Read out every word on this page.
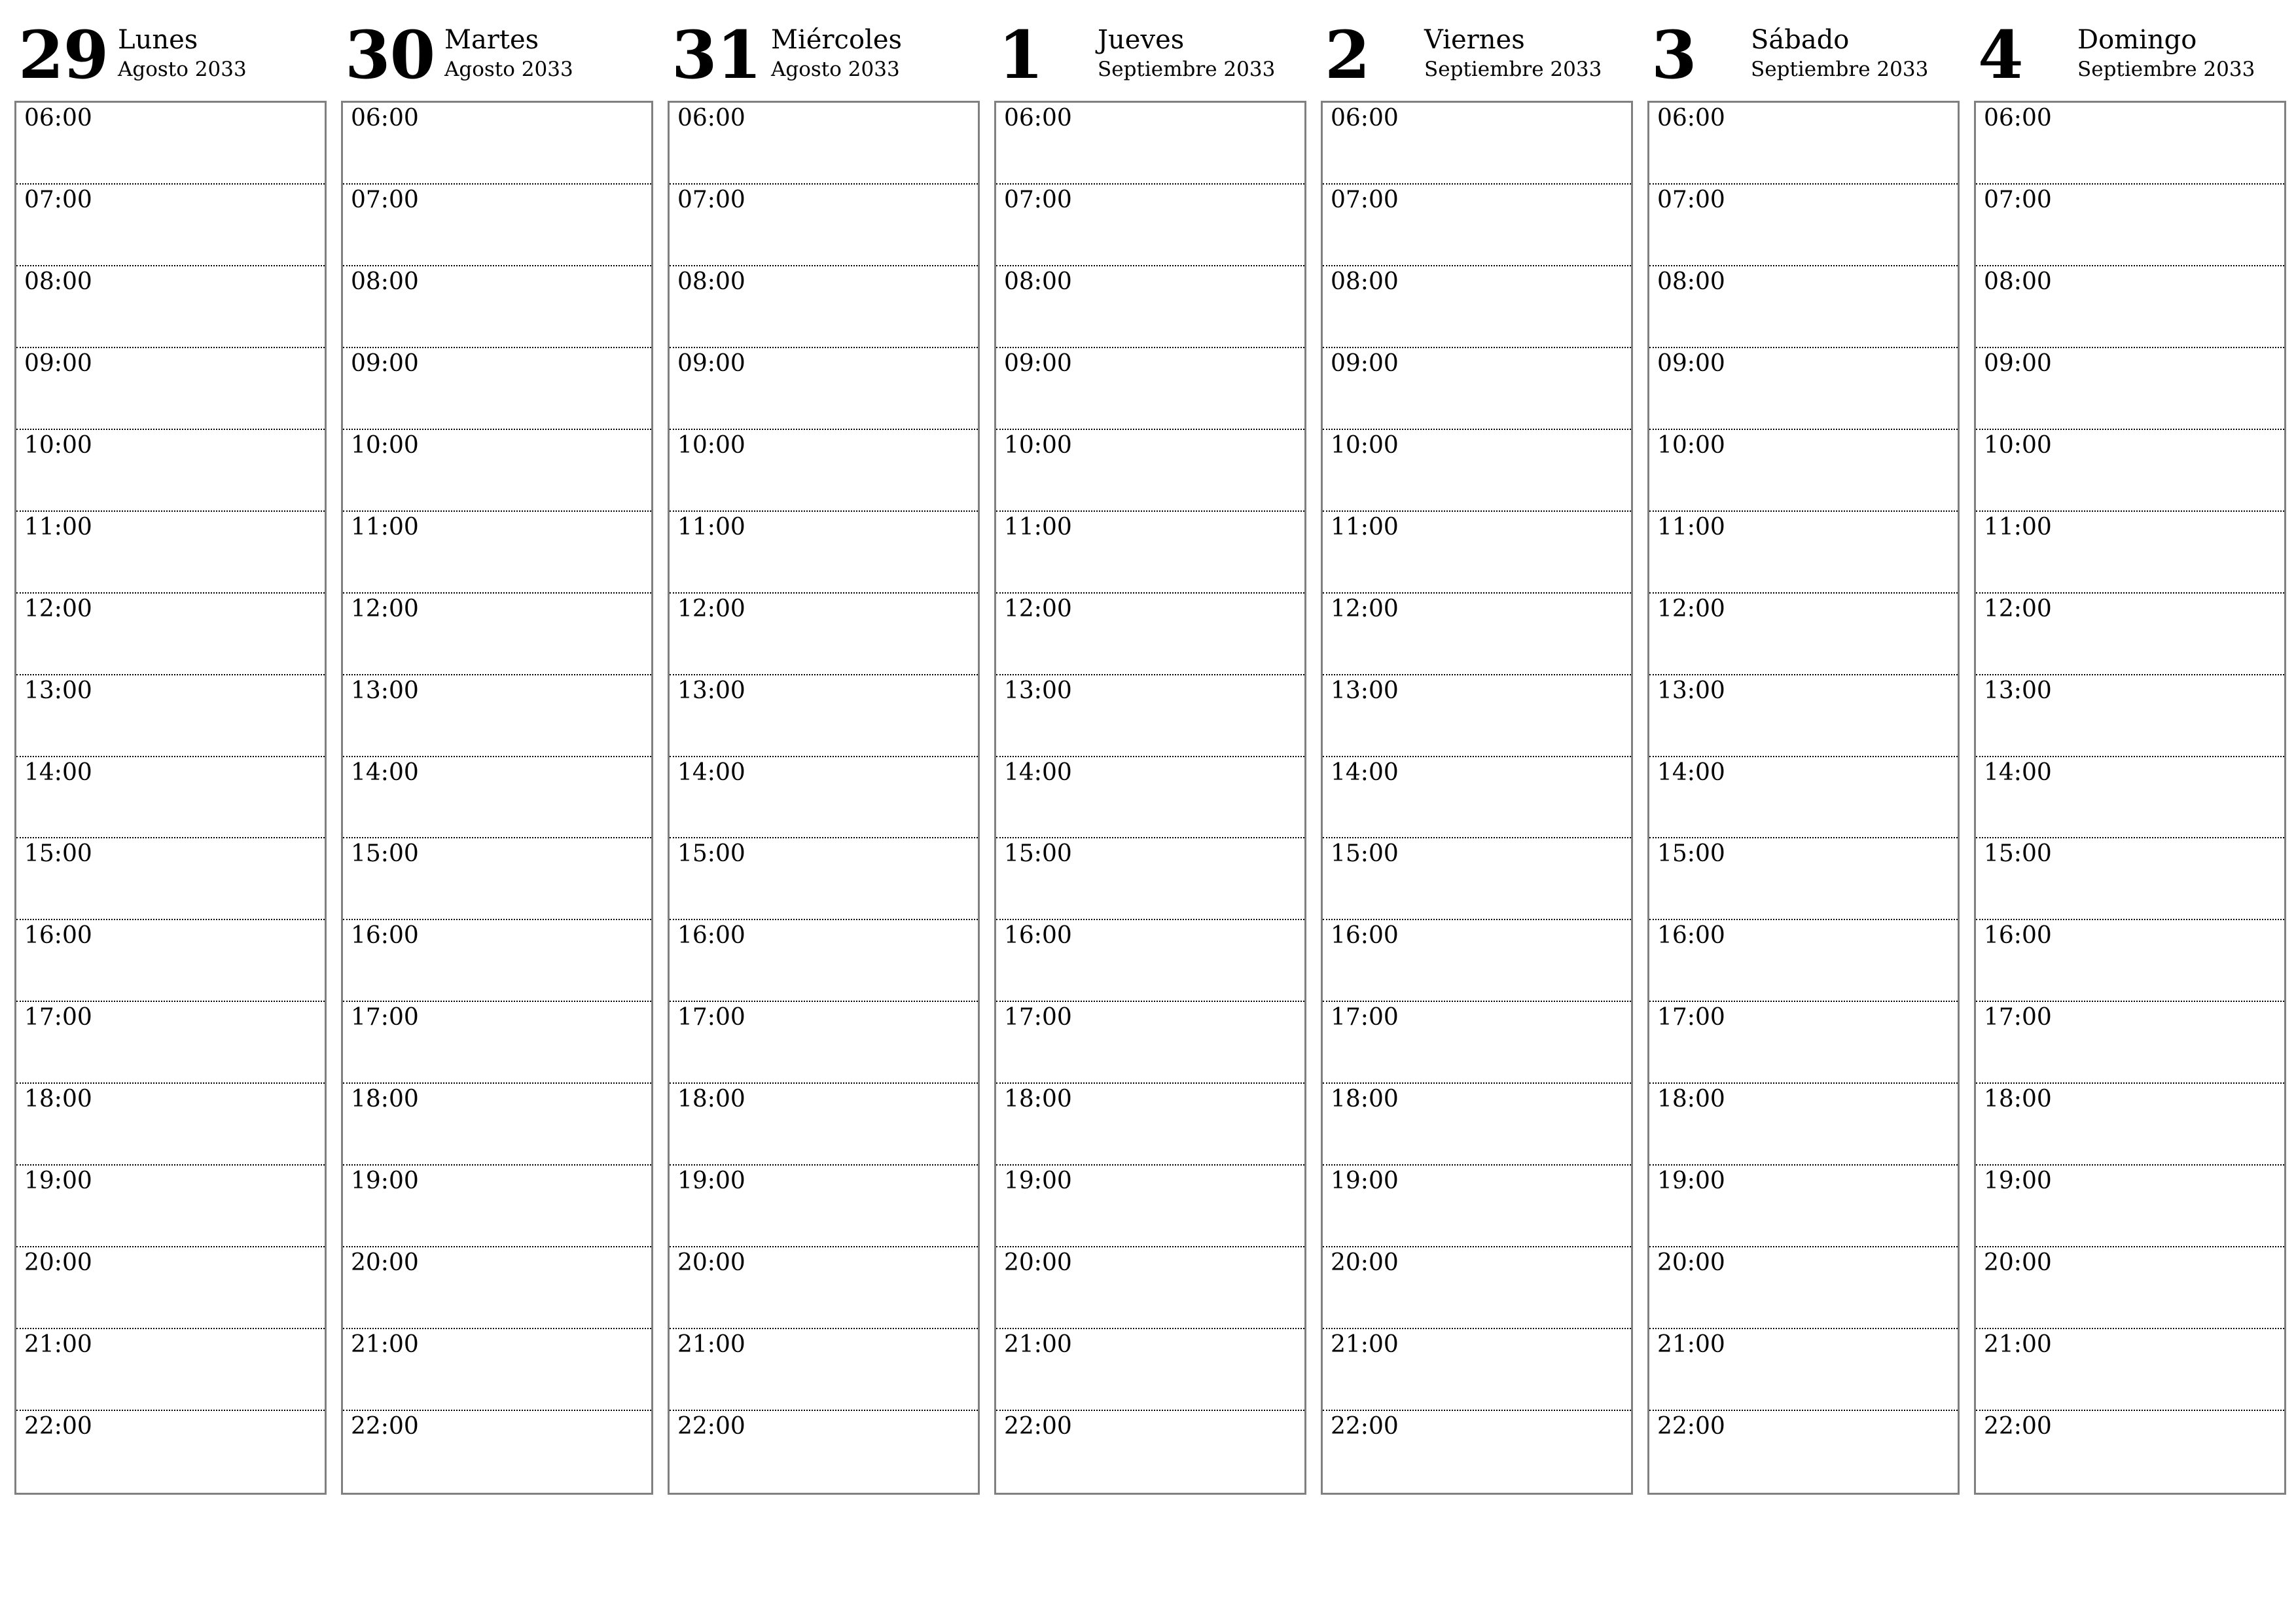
29 Lunes
Agosto 2033
06:00
07:00
08:00
09:00
10:00
11:00
12:00
13:00
14:00
15:00
16:00
17:00
18:00
19:00
20:00
21:00
22:00
30 Martes
Agosto 2033
06:00
07:00
08:00
09:00
10:00
11:00
12:00
13:00
14:00
15:00
16:00
17:00
18:00
19:00
20:00
21:00
22:00
31 Miércoles
Agosto 2033
06:00
07:00
08:00
09:00
10:00
11:00
12:00
13:00
14:00
15:00
16:00
17:00
18:00
19:00
20:00
21:00
22:00
1	Jueves
Septiembre 2033
06:00
07:00
08:00
09:00
10:00
11:00
12:00
13:00
14:00
15:00
16:00
17:00
18:00
19:00
20:00
21:00
22:00
2	Viernes
Septiembre 2033
06:00
07:00
08:00
09:00
10:00
11:00
12:00
13:00
14:00
15:00
16:00
17:00
18:00
19:00
20:00
21:00
22:00
3	Sábado
Septiembre 2033
06:00
07:00
08:00
09:00
10:00
11:00
12:00
13:00
14:00
15:00
16:00
17:00
18:00
19:00
20:00
21:00
22:00
4	Domingo
Septiembre 2033
06:00
07:00
08:00
09:00
10:00
11:00
12:00
13:00
14:00
15:00
16:00
17:00
18:00
19:00
20:00
21:00
22:00
